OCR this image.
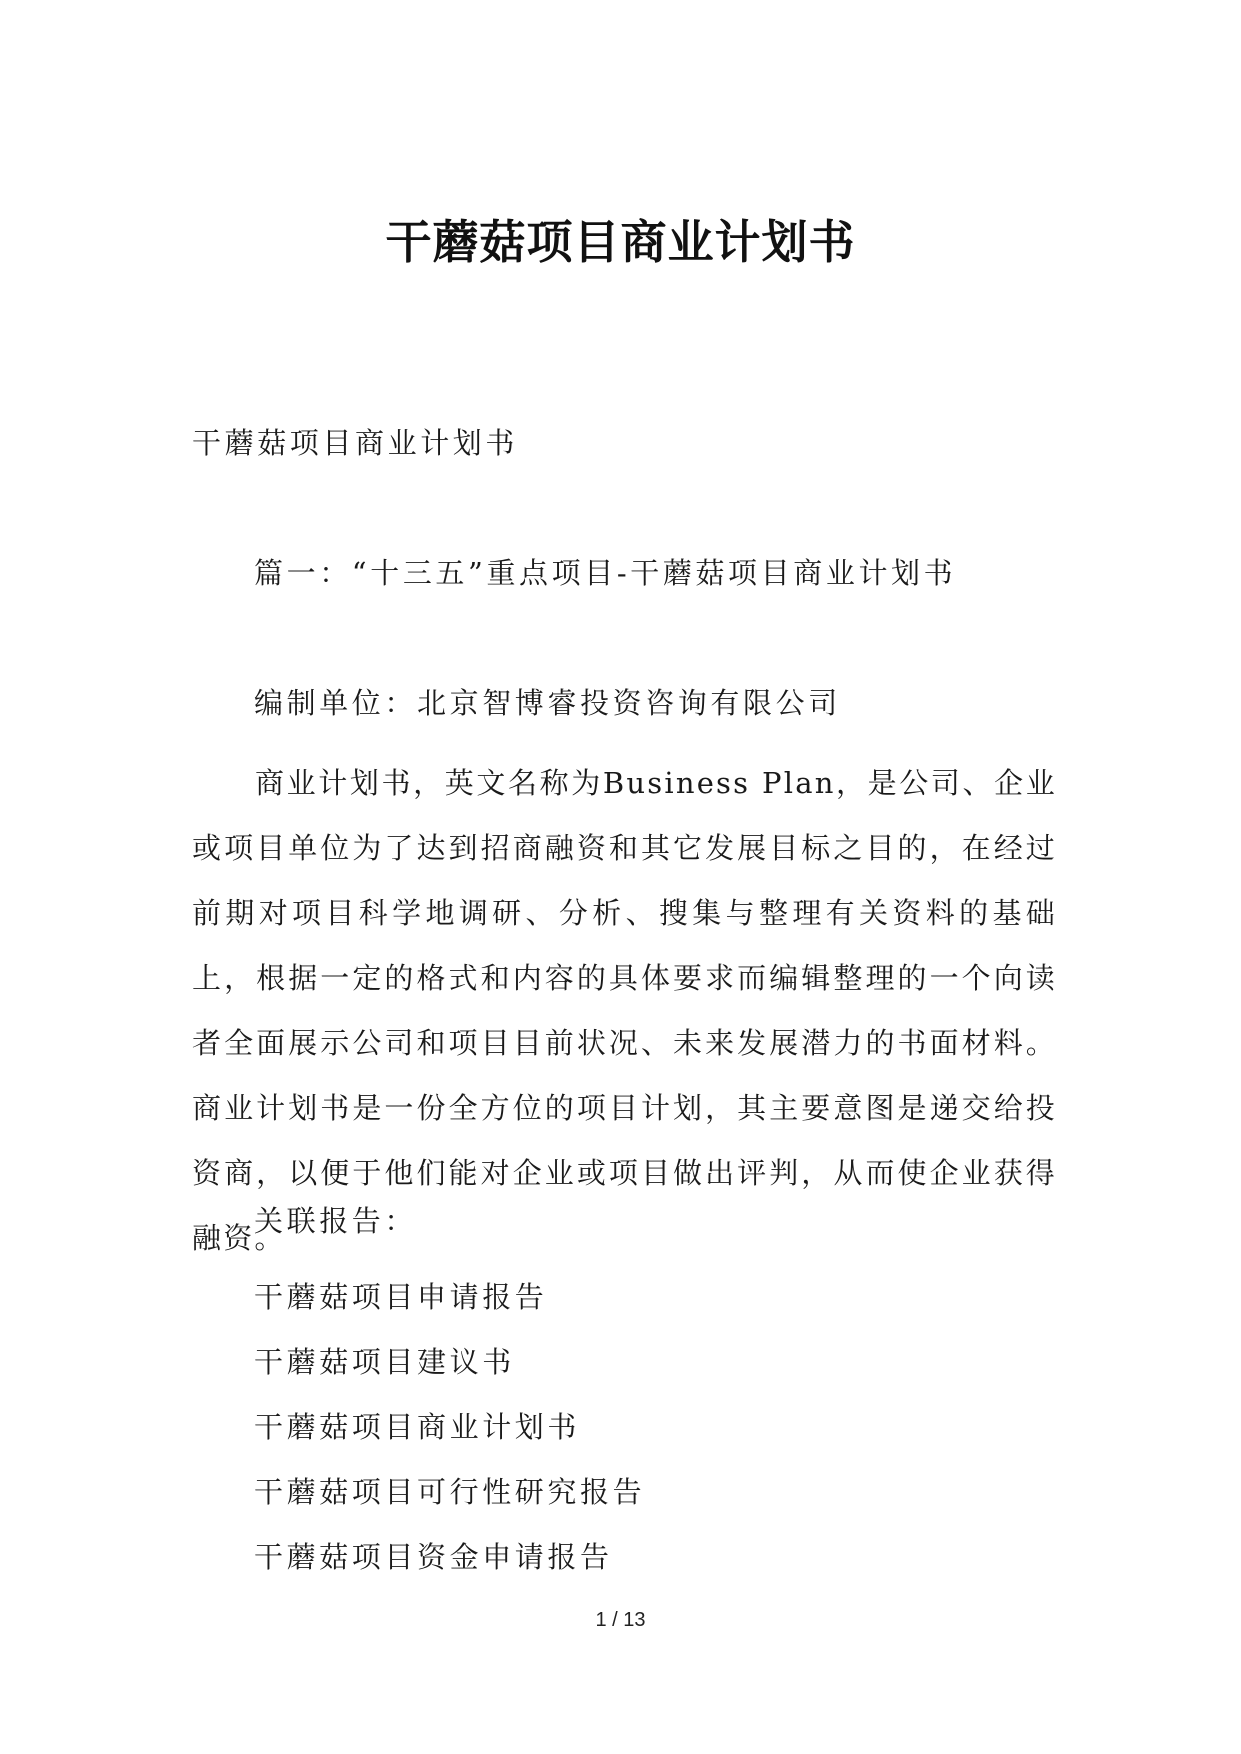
干蘑菇项目商业计划书
干蘑菇项目商业计划书
篇一：“十三五”重点项目-干蘑菇项目商业计划书
编制单位：北京智博睿投资咨询有限公司

商业计划书，英文名称为Business Plan，是公司、企业或项目单位为了达到招商融资和其它发展目标之目的，在经过前期对项目科学地调研、分析、搜集与整理有关资料的基础上，根据一定的格式和内容的具体要求而编辑整理的一个向读者全面展示公司和项目目前状况、未来发展潜力的书面材料。商业计划书是一份全方位的项目计划，其主要意图是递交给投资商，以便于他们能对企业或项目做出评判，从而使企业获得融资。

关联报告：
干蘑菇项目申请报告
干蘑菇项目建议书
干蘑菇项目商业计划书
干蘑菇项目可行性研究报告
干蘑菇项目资金申请报告
1 / 13
